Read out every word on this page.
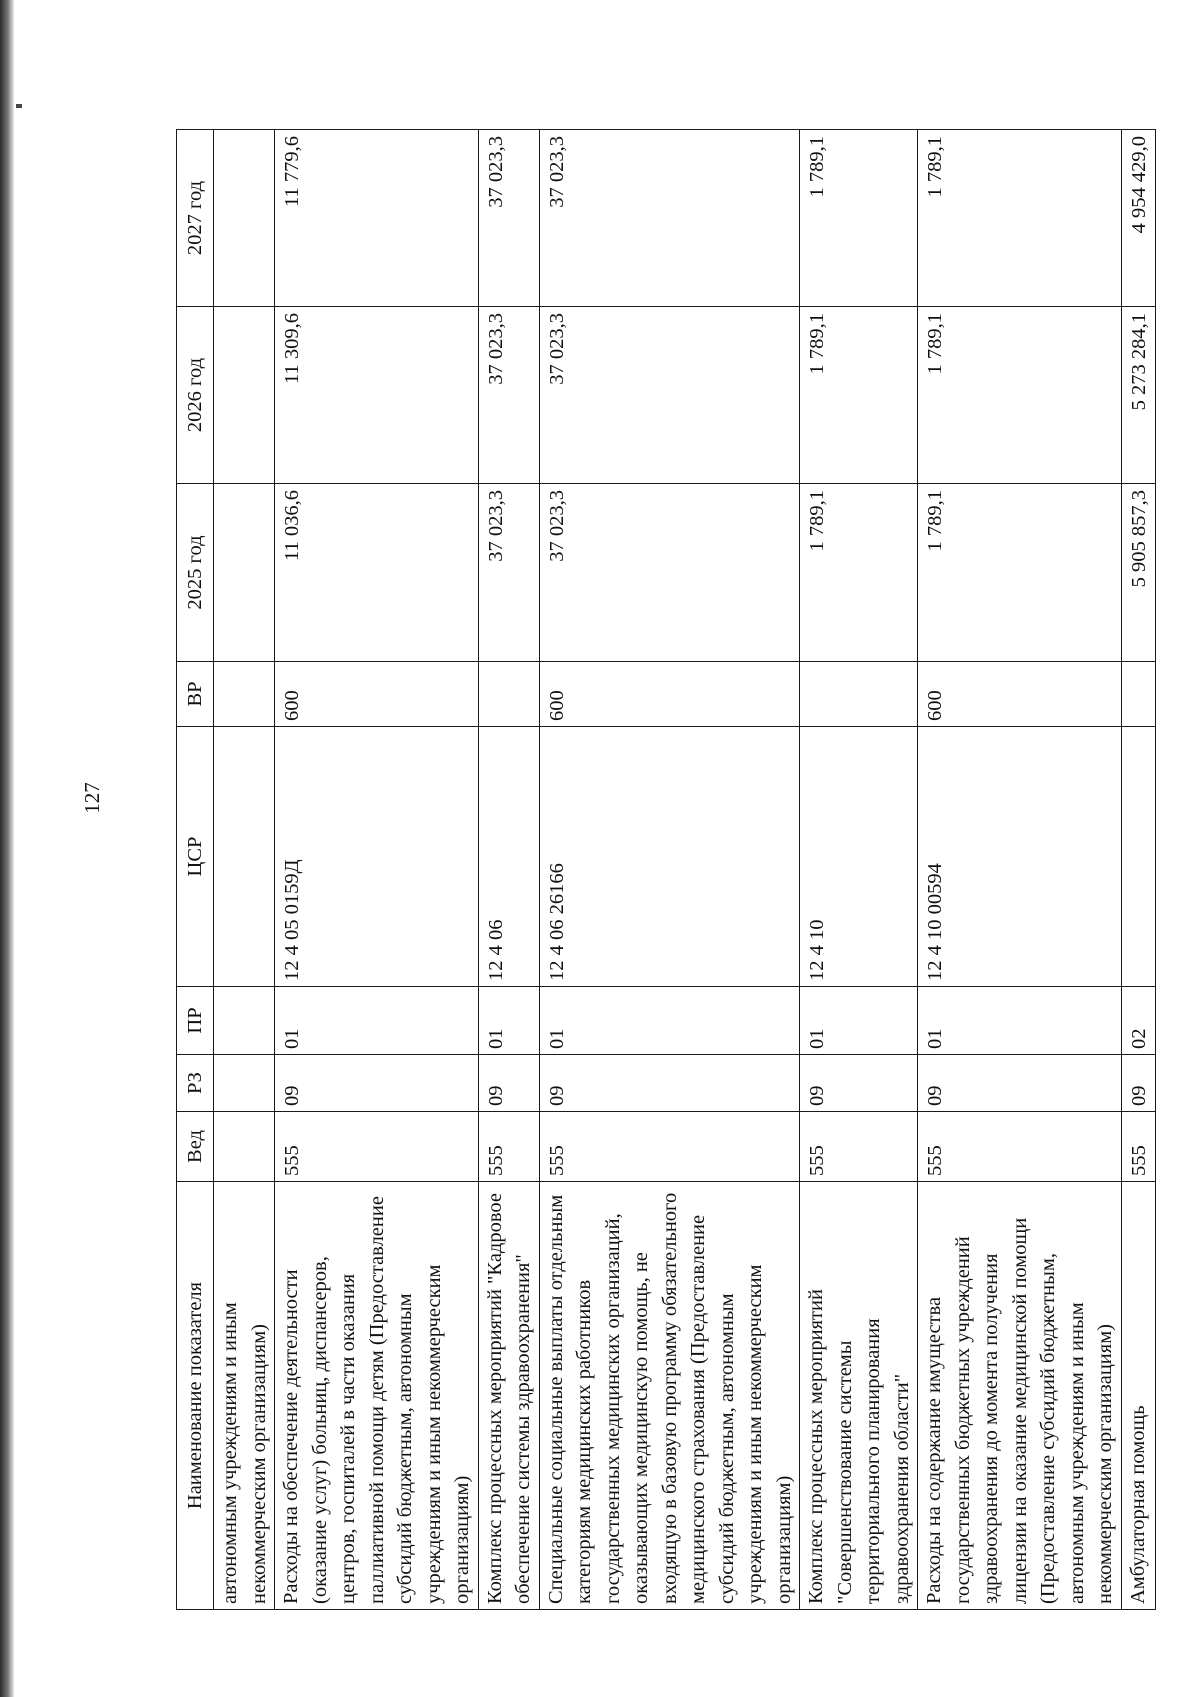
127
Наименование показателя	Вед	РЗ	ПР	ЦСР	ВР	2025 год	2026 год	2027 год
автономным учреждениям и иным некоммерческим организациям)								
Расходы на обеспечение деятельности (оказание услуг) больниц, диспансеров, центров, госпиталей в части оказания паллиативной помощи детям (Предоставление субсидий бюджетным, автономным учреждениям и иным некоммерческим организациям)	555	09	01	12 4 05 0159Д	600	11 036,6	11 309,6	11 779,6
Комплекс процессных мероприятий "Кадровое обеспечение системы здравоохранения"	555	09	01	12 4 06		37 023,3	37 023,3	37 023,3
Специальные социальные выплаты отдельным категориям медицинских работников государственных медицинских организаций, оказывающих медицинскую помощь, не входящую в базовую программу обязательного медицинского страхования (Предоставление субсидий бюджетным, автономным учреждениям и иным некоммерческим организациям)	555	09	01	12 4 06 26166	600	37 023,3	37 023,3	37 023,3
Комплекс процессных мероприятий "Совершенствование системы территориального планирования здравоохранения области"	555	09	01	12 4 10		1 789,1	1 789,1	1 789,1
Расходы на содержание имущества государственных бюджетных учреждений здравоохранения до момента получения лицензии на оказание медицинской помощи (Предоставление субсидий бюджетным, автономным учреждениям и иным некоммерческим организациям)	555	09	01	12 4 10 00594	600	1 789,1	1 789,1	1 789,1
Амбулаторная помощь	555	09	02			5 905 857,3	5 273 284,1	4 954 429,0
